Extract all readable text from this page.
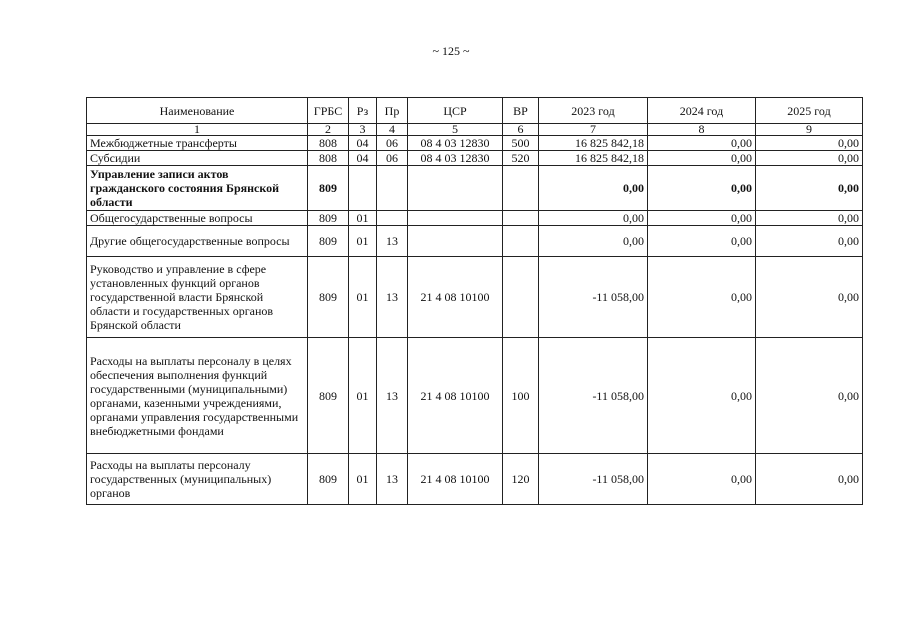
~ 125 ~
Наименование	ГРБС	Рз	Пр	ЦСР	ВР	2023 год	2024 год	2025 год
1	2	3	4	5	6	7	8	9
Межбюджетные трансферты	808	04	06	08 4 03 12830	500	16 825 842,18	0,00	0,00
Субсидии	808	04	06	08 4 03 12830	520	16 825 842,18	0,00	0,00
Управление записи актов гражданского состояния Брянской области	809					0,00	0,00	0,00
Общегосударственные вопросы	809	01				0,00	0,00	0,00
Другие общегосударственные вопросы	809	01	13			0,00	0,00	0,00
Руководство и управление в сфере установленных функций органов государственной власти Брянской области и государственных органов Брянской области	809	01	13	21 4 08 10100		-11 058,00	0,00	0,00
Расходы на выплаты персоналу в целях обеспечения выполнения функций государственными (муниципальными) органами, казенными учреждениями, органами управления государственными внебюджетными фондами	809	01	13	21 4 08 10100	100	-11 058,00	0,00	0,00
Расходы на выплаты персоналу государственных (муниципальных) органов	809	01	13	21 4 08 10100	120	-11 058,00	0,00	0,00
